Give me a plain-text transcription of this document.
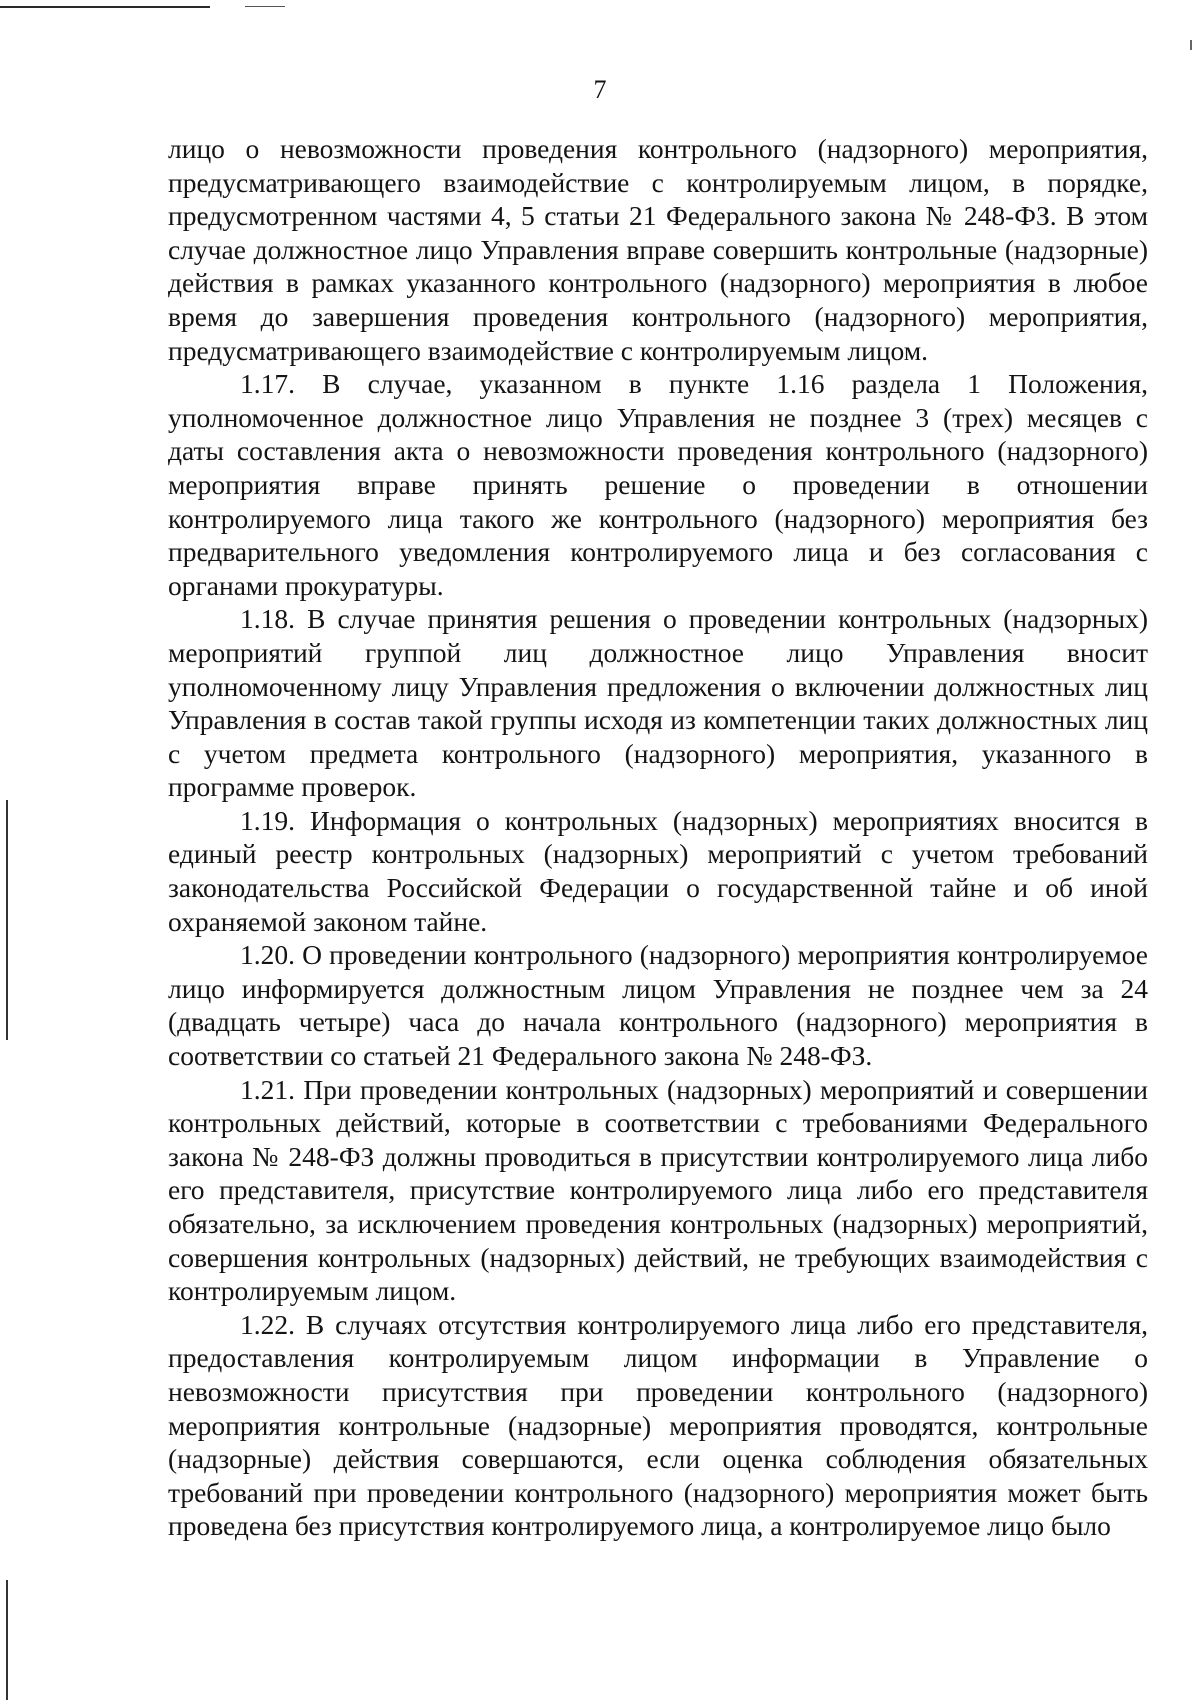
7

лицо о невозможности проведения контрольного (надзорного) мероприятия, предусматривающего взаимодействие с контролируемым лицом, в порядке, предусмотренном частями 4, 5 статьи 21 Федерального закона № 248-ФЗ. В этом случае должностное лицо Управления вправе совершить контрольные (надзорные) действия в рамках указанного контрольного (надзорного) мероприятия в любое время до завершения проведения контрольного (надзорного) мероприятия, предусматривающего взаимодействие с контролируемым лицом.

1.17. В случае, указанном в пункте 1.16 раздела 1 Положения, уполномоченное должностное лицо Управления не позднее 3 (трех) месяцев с даты составления акта о невозможности проведения контрольного (надзорного) мероприятия вправе принять решение о проведении в отношении контролируемого лица такого же контрольного (надзорного) мероприятия без предварительного уведомления контролируемого лица и без согласования с органами прокуратуры.

1.18. В случае принятия решения о проведении контрольных (надзорных) мероприятий группой лиц должностное лицо Управления вносит уполномоченному лицу Управления предложения о включении должностных лиц Управления в состав такой группы исходя из компетенции таких должностных лиц с учетом предмета контрольного (надзорного) мероприятия, указанного в программе проверок.

1.19. Информация о контрольных (надзорных) мероприятиях вносится в единый реестр контрольных (надзорных) мероприятий с учетом требований законодательства Российской Федерации о государственной тайне и об иной охраняемой законом тайне.

1.20. О проведении контрольного (надзорного) мероприятия контролируемое лицо информируется должностным лицом Управления не позднее чем за 24 (двадцать четыре) часа до начала контрольного (надзорного) мероприятия в соответствии со статьей 21 Федерального закона № 248-ФЗ.

1.21. При проведении контрольных (надзорных) мероприятий и совершении контрольных действий, которые в соответствии с требованиями Федерального закона № 248-ФЗ должны проводиться в присутствии контролируемого лица либо его представителя, присутствие контролируемого лица либо его представителя обязательно, за исключением проведения контрольных (надзорных) мероприятий, совершения контрольных (надзорных) действий, не требующих взаимодействия с контролируемым лицом.

1.22. В случаях отсутствия контролируемого лица либо его представителя, предоставления контролируемым лицом информации в Управление о невозможности присутствия при проведении контрольного (надзорного) мероприятия контрольные (надзорные) мероприятия проводятся, контрольные (надзорные) действия совершаются, если оценка соблюдения обязательных требований при проведении контрольного (надзорного) мероприятия может быть проведена без присутствия контролируемого лица, а контролируемое лицо было
